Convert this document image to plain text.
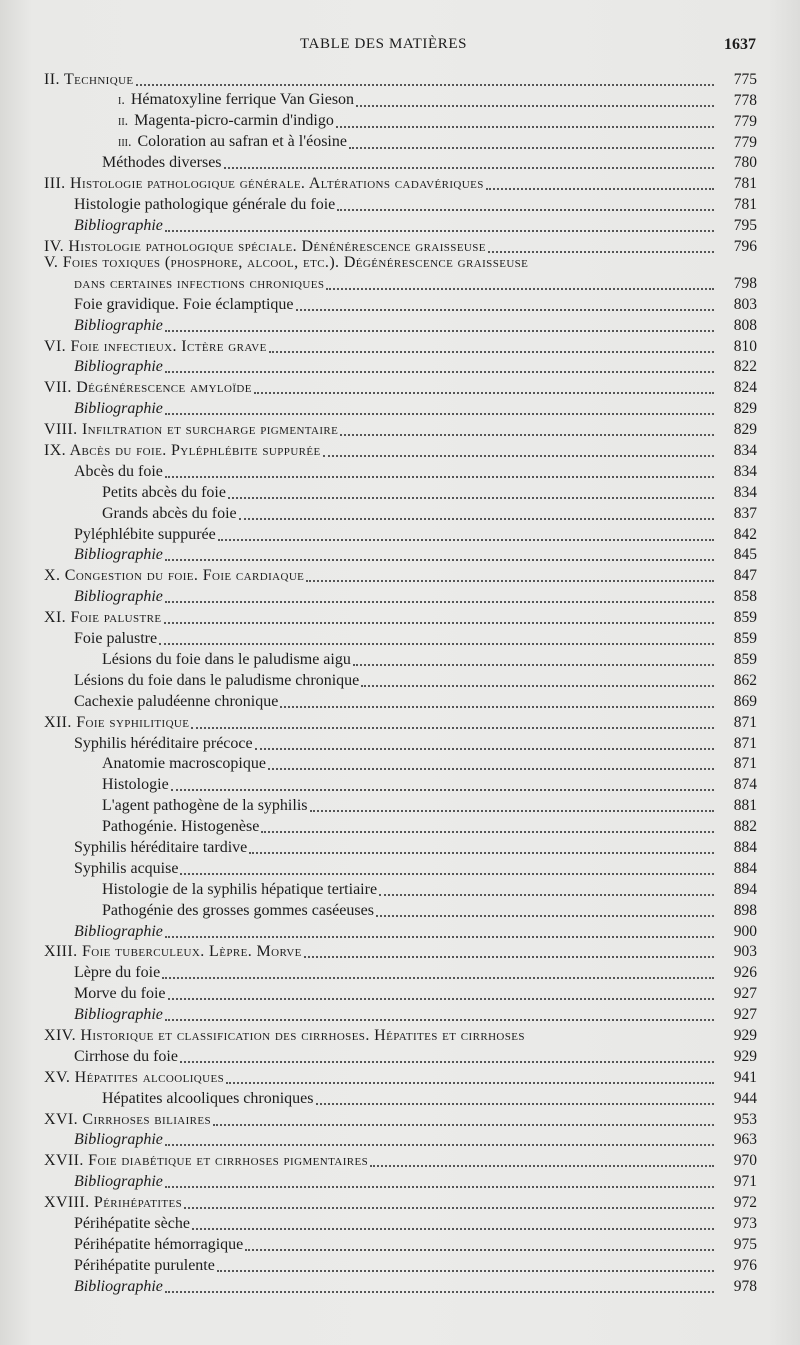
TABLE DES MATIÈRES	1637
II. Technique	775
i. Hématoxyline ferrique Van Gieson	778
ii. Magenta-picro-carmin d'indigo	779
iii. Coloration au safran et à l'éosine	779
Méthodes diverses	780
III. Histologie pathologique générale. Altérations cadavériques	781
Histologie pathologique générale du foie	781
Bibliographie	795
IV. Histologie pathologique spéciale. Dénénérescence graisseuse	796
V. Foies toxiques (phosphore, alcool, etc.). Dégénérescence graisseuse
dans certaines infections chroniques	798
Foie gravidique. Foie éclamptique	803
Bibliographie	808
VI. Foie infectieux. Ictère grave	810
Bibliographie	822
VII. Dégénérescence amyloïde	824
Bibliographie	829
VIII. Infiltration et surcharge pigmentaire	829
IX. Abcès du foie. Pyléphlébite suppurée	834
Abcès du foie	834
Petits abcès du foie	834
Grands abcès du foie	837
Pyléphlébite suppurée	842
Bibliographie	845
X. Congestion du foie. Foie cardiaque	847
Bibliographie	858
XI. Foie palustre	859
Foie palustre	859
Lésions du foie dans le paludisme aigu	859
Lésions du foie dans le paludisme chronique	862
Cachexie paludéenne chronique	869
XII. Foie syphilitique	871
Syphilis héréditaire précoce	871
Anatomie macroscopique	871
Histologie	874
L'agent pathogène de la syphilis	881
Pathogénie. Histogenèse	882
Syphilis héréditaire tardive	884
Syphilis acquise	884
Histologie de la syphilis hépatique tertiaire	894
Pathogénie des grosses gommes caséeuses	898
Bibliographie	900
XIII. Foie tuberculeux. Lèpre. Morve	903
Lèpre du foie	926
Morve du foie	927
Bibliographie	927
XIV. Historique et classification des cirrhoses. Hépatites et cirrhoses	929
Cirrhose du foie	929
XV. Hépatites alcooliques	941
Hépatites alcooliques chroniques	944
XVI. Cirrhoses biliaires	953
Bibliographie	963
XVII. Foie diabétique et cirrhoses pigmentaires	970
Bibliographie	971
XVIII. Périhépatites	972
Périhépatite sèche	973
Périhépatite hémorragique	975
Périhépatite purulente	976
Bibliographie	978
